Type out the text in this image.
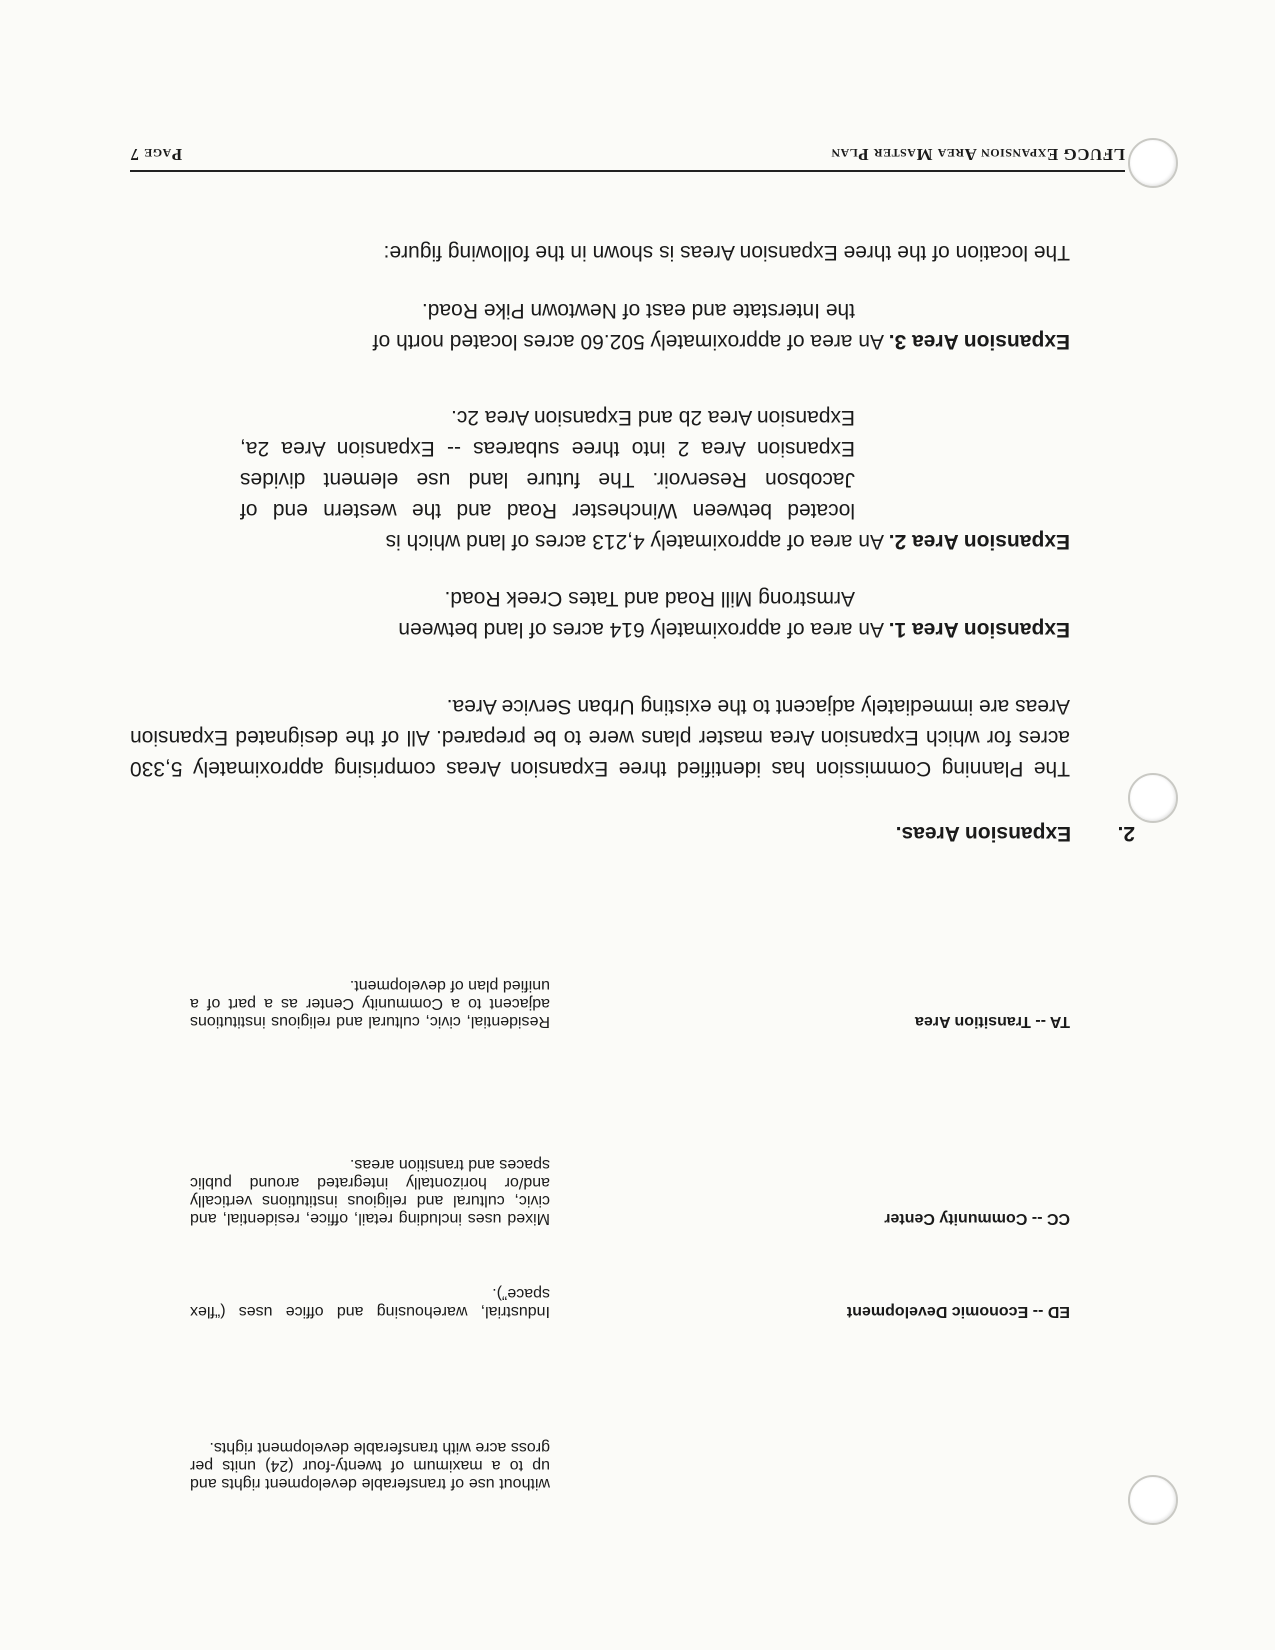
LFUCG Expansion Area Master Plan
Page 7
without use of transferable development rights and up to a maximum of twenty-four (24) units per gross acre with transferable development rights.
ED -- Economic Development
Industrial, warehousing and office uses (“flex space”).
CC -- Community Center
Mixed uses including retail, office, residential, and civic, cultural and religious institutions vertically and/or horizontally integrated around public spaces and transition areas.
TA -- Transition Area
Residential, civic, cultural and religious institutions adjacent to a Community Center as a part of a unified plan of development.
2. Expansion Areas.
The Planning Commission has identified three Expansion Areas comprising approximately 5,330 acres for which Expansion Area master plans were to be prepared. All of the designated Expansion Areas are immediately adjacent to the existing Urban Service Area.
Expansion Area 1. An area of approximately 614 acres of land between
Armstrong Mill Road and Tates Creek Road.
Expansion Area 2. An area of approximately 4,213 acres of land which is
located between Winchester Road and the western end of Jacobson Reservoir. The future land use element divides Expansion Area 2 into three subareas -- Expansion Area 2a, Expansion Area 2b and Expansion Area 2c.
Expansion Area 3. An area of approximately 502.60 acres located north of
the Interstate and east of Newtown Pike Road.
The location of the three Expansion Areas is shown in the following figure:
